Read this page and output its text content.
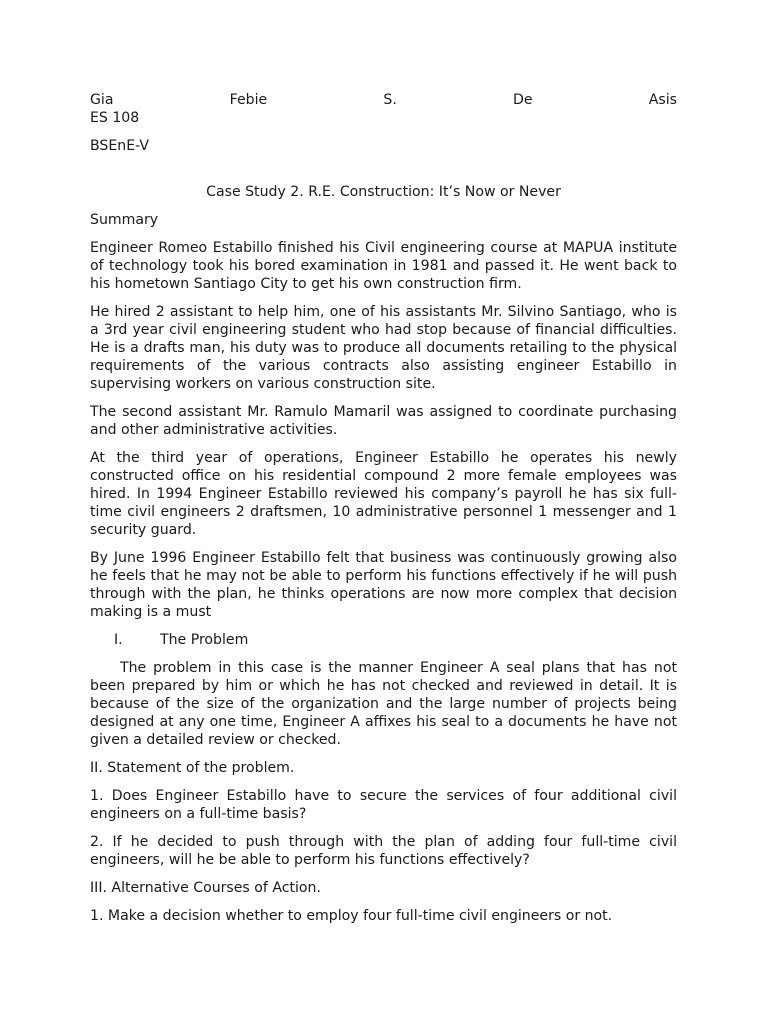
Gia	Febie	S.	De	Asis
ES 108
BSEnE-V
Case Study 2. R.E. Construction: It’s Now or Never
Summary

Engineer Romeo Estabillo finished his Civil engineering course at MAPUA institute of technology took his bored examination in 1981 and passed it. He went back to his hometown Santiago City to get his own construction firm.

He hired 2 assistant to help him, one of his assistants Mr. Silvino Santiago, who is a 3rd year civil engineering student who had stop because of financial difficulties. He is a drafts man, his duty was to produce all documents retailing to the physical requirements of the various contracts also assisting engineer Estabillo in supervising workers on various construction site.

The second assistant Mr. Ramulo Mamaril was assigned to coordinate purchasing and other administrative activities.

At the third year of operations, Engineer Estabillo he operates his newly constructed office on his residential compound 2 more female employees was hired. In 1994 Engineer Estabillo reviewed his company’s payroll he has six full-time civil engineers 2 draftsmen, 10 administrative personnel 1 messenger and 1 security guard.

By June 1996 Engineer Estabillo felt that business was continuously growing also he feels that he may not be able to perform his functions effectively if he will push through with the plan, he thinks operations are now more complex that decision making is a must

I.	The Problem

The problem in this case is the manner Engineer A seal plans that has not been prepared by him or which he has not checked and reviewed in detail. It is because of the size of the organization and the large number of projects being designed at any one time, Engineer A affixes his seal to a documents he have not given a detailed review or checked.

II. Statement of the problem.

1. Does Engineer Estabillo have to secure the services of four additional civil engineers on a full-time basis?

2. If he decided to push through with the plan of adding four full-time civil engineers, will he be able to perform his functions effectively?

III. Alternative Courses of Action.

1. Make a decision whether to employ four full-time civil engineers or not.
